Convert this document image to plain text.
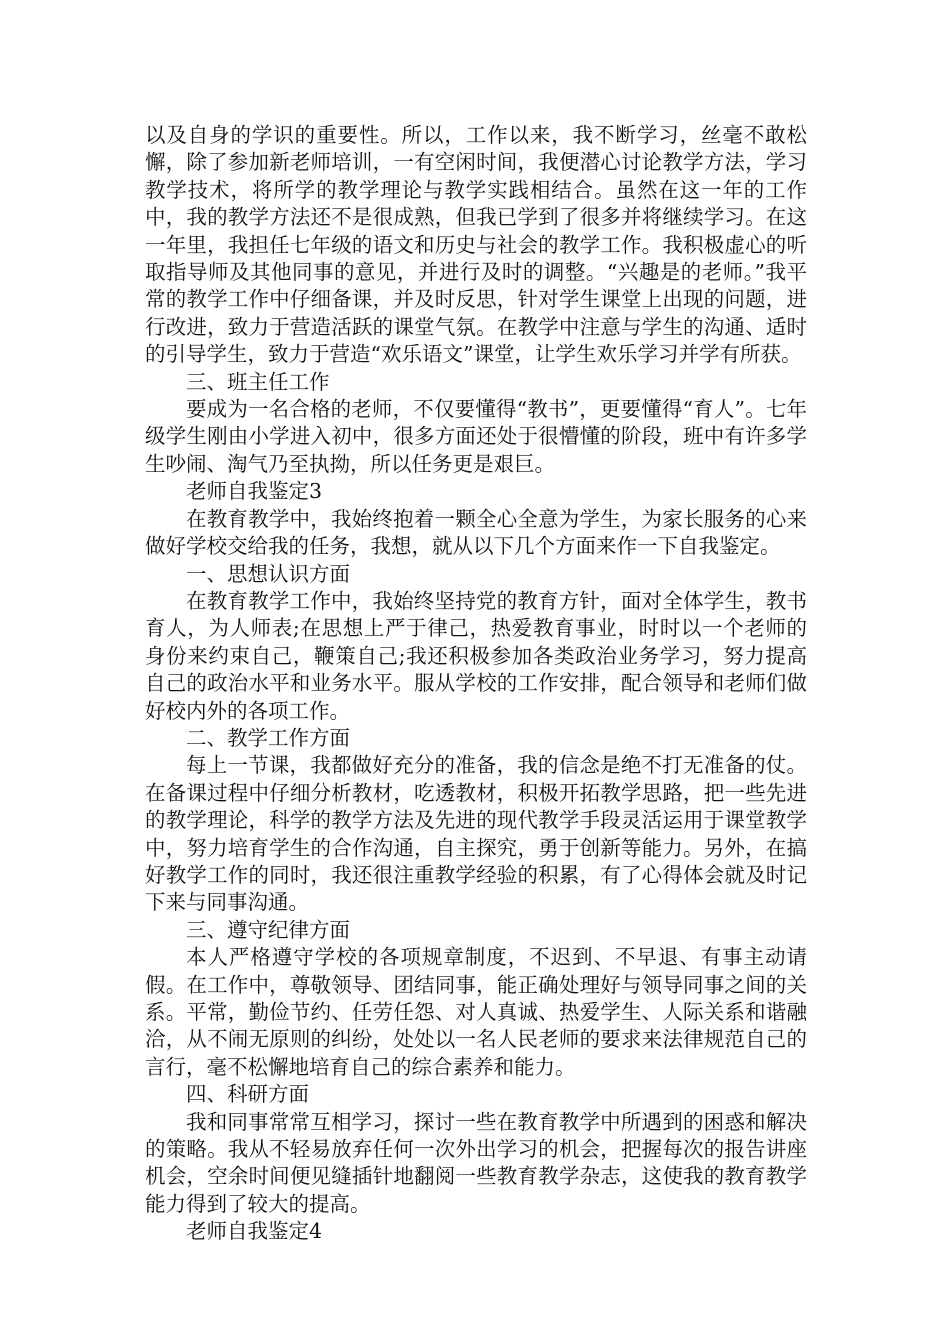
以及自身的学识的重要性。所以，工作以来，我不断学习，丝毫不敢松懈，除了参加新老师培训，一有空闲时间，我便潜心讨论教学方法，学习教学技术，将所学的教学理论与教学实践相结合。虽然在这一年的工作中，我的教学方法还不是很成熟，但我已学到了很多并将继续学习。在这一年里，我担任七年级的语文和历史与社会的教学工作。我积极虚心的听取指导师及其他同事的意见，并进行及时的调整。“兴趣是的老师。”我平常的教学工作中仔细备课，并及时反思，针对学生课堂上出现的问题，进行改进，致力于营造活跃的课堂气氛。在教学中注意与学生的沟通、适时的引导学生，致力于营造“欢乐语文”课堂，让学生欢乐学习并学有所获。

三、班主任工作

要成为一名合格的老师，不仅要懂得“教书”，更要懂得“育人”。七年级学生刚由小学进入初中，很多方面还处于很懵懂的阶段，班中有许多学生吵闹、淘气乃至执拗，所以任务更是艰巨。

老师自我鉴定3

在教育教学中，我始终抱着一颗全心全意为学生，为家长服务的心来做好学校交给我的任务，我想，就从以下几个方面来作一下自我鉴定。

一、思想认识方面

在教育教学工作中，我始终坚持党的教育方针，面对全体学生，教书育人，为人师表;在思想上严于律己，热爱教育事业，时时以一个老师的身份来约束自己，鞭策自己;我还积极参加各类政治业务学习，努力提高自己的政治水平和业务水平。服从学校的工作安排，配合领导和老师们做好校内外的各项工作。

二、教学工作方面

每上一节课，我都做好充分的准备，我的信念是绝不打无准备的仗。在备课过程中仔细分析教材，吃透教材，积极开拓教学思路，把一些先进的教学理论，科学的教学方法及先进的现代教学手段灵活运用于课堂教学中，努力培育学生的合作沟通，自主探究，勇于创新等能力。另外，在搞好教学工作的同时，我还很注重教学经验的积累，有了心得体会就及时记下来与同事沟通。

三、遵守纪律方面

本人严格遵守学校的各项规章制度，不迟到、不早退、有事主动请假。在工作中，尊敬领导、团结同事，能正确处理好与领导同事之间的关系。平常，勤俭节约、任劳任怨、对人真诚、热爱学生、人际关系和谐融洽，从不闹无原则的纠纷，处处以一名人民老师的要求来法律规范自己的言行，毫不松懈地培育自己的综合素养和能力。

四、科研方面

我和同事常常互相学习，探讨一些在教育教学中所遇到的困惑和解决的策略。我从不轻易放弃任何一次外出学习的机会，把握每次的报告讲座机会，空余时间便见缝插针地翻阅一些教育教学杂志，这使我的教育教学能力得到了较大的提高。

老师自我鉴定4
